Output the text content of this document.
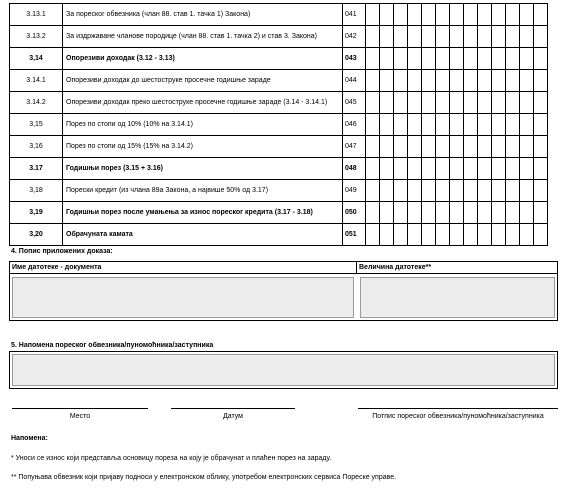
3.13.1	За пореског обвезника (члан 88. став 1. тачка 1) Закона)	041													
3.13.2	За издржаване чланове породице (члан 88. став 1. тачка 2) и став 3. Закона)	042													
3,14	Опорезиви доходак (3.12 - 3.13)	043													
3.14.1	Опорезиви доходак до шестоструке просечне годишње зараде	044													
3.14.2	Опорезиви доходак преко шестоструке просечне годишње зараде (3.14 - 3.14.1)	045													
3,15	Порез по стопи од 10% (10% на 3.14.1)	046													
3,16	Порез по стопи од 15% (15% на 3.14.2)	047													
3.17	Годишњи порез (3.15 + 3.16)	048													
3,18	Порески кредит (из члана 89а Закона, а највише 50% од 3.17)	049													
3,19	Годишњи порез после умањења за износ пореског кредита (3.17 - 3.18)	050													
3,20	Обрачуната камата	051													
4. Попис приложених доказа:
Име датотеке - документа	Величина датотеке**
5. Напомена пореског обвезника/пуномоћника/заступника
Место	Датум	Потпис пореског обвезника/пуномоћника/заступника
Напомена:
* Уноси се износ који представља основицу пореза на коју је обрачунат и плаћен порез на зараду.
** Попуњава обвезник који пријаву подноси у електронском облику, употребом електронских сервиса Пореске управе.
